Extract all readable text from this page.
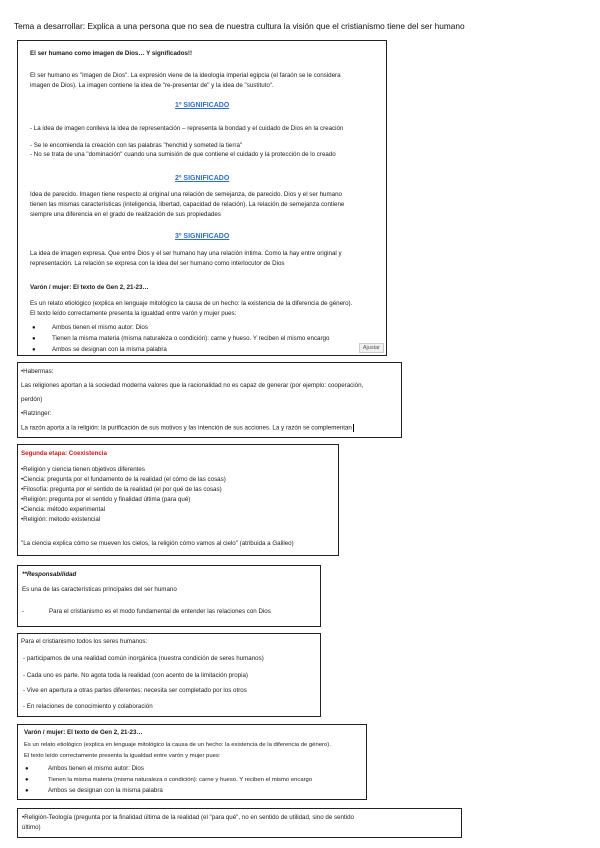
Tema a desarrollar: Explica a una persona que no sea de nuestra cultura la visión que el cristianismo tiene del ser humano
El ser humano como imagen de Dios… Y significados!!
El ser humano es "imagen de Dios". La expresión viene de la ideología imperial egipcia (el faraón se le considera
imagen de Dios). La imagen contiene la idea de "re-presentar de" y la idea de "sustituto".
1º SIGNIFICADO
- La idea de imagen conlleva la idea de representación – representa la bondad y el cuidado de Dios en la creación
- Se le encomienda la creación con las palabras "henchid y someted la tierra"
- No se trata de una "dominación" cuando una sumisión de que contiene el cuidado y la protección de lo creado
2º SIGNIFICADO
Idea de parecido. Imagen tiene respecto al original una relación de semejanza, de parecido. Dios y el ser humano
tienen las mismas características (inteligencia, libertad, capacidad de relación). La relación de semejanza contiene
siempre una diferencia en el grado de realización de sus propiedades
3º SIGNIFICADO
La idea de imagen expresa. Que entre Dios y el ser humano hay una relación íntima. Como la hay entre original y
representación. La relación se expresa con la idea del ser humano como interlocutor de Dios
Varón / mujer: El texto de Gen 2, 21-23…
Es un relato etiológico (explica en lenguaje mitológico la causa de un hecho: la existencia de la diferencia de género).
El texto leído correctamente presenta la igualdad entre varón y mujer pues:
●	Ambos tienen el mismo autor: Dios
●	Tienen la misma materia (misma naturaleza o condición): carne y hueso. Y reciben el mismo encargo
●	Ambos se designan con la misma palabra	Ajustar
•Habermas:
Las religiones aportan a la sociedad moderna valores que la racionalidad no es capaz de generar (por ejemplo: cooperación,
perdón)
•Ratzinger:
La razón aporta a la religión: la purificación de sus motivos y las intención de sus acciones. La y razón se complementan
Segunda etapa: Coexistencia
•Religión y ciencia tienen objetivos diferentes
•Ciencia: pregunta por el fundamento de la realidad (el cómo de las cosas)
•Filosofía: pregunta por el sentido de la realidad (el por qué de las cosas)
•Religión: pregunta por el sentido y finalidad última (para qué)
•Ciencia: método experimental
•Religión: método existencial
"La ciencia explica cómo se mueven los cielos, la religión cómo vamos al cielo" (atribuida a Galileo)
**Responsabilidad
Es una de las características principales del ser humano
-	Para el cristianismo es el modo fundamental de entender las relaciones con Dios
Para el cristianismo todos los seres humanos:
- participamos de una realidad común inorgánica (nuestra condición de seres humanos)
- Cada uno es parte. No agota toda la realidad (con acento de la limitación propia)
- Vive en apertura a otras partes diferentes: necesita ser completado por los otros
- En relaciones de conocimiento y colaboración
Varón / mujer: El texto de Gen 2, 21-23…
Es un relato etiológico (explica en lenguaje mitológico la causa de un hecho: la existencia de la diferencia de género).
El texto leído correctamente presenta la igualdad entre varón y mujer pues:
●	Ambos tienen el mismo autor: Dios
●	Tienen la misma materia (misma naturaleza o condición): carne y hueso. Y reciben el mismo encargo
●	Ambos se designan con la misma palabra
•Religión-Teología (pregunta por la finalidad última de la realidad (el "para qué", no en sentido de utilidad, sino de sentido
último)
